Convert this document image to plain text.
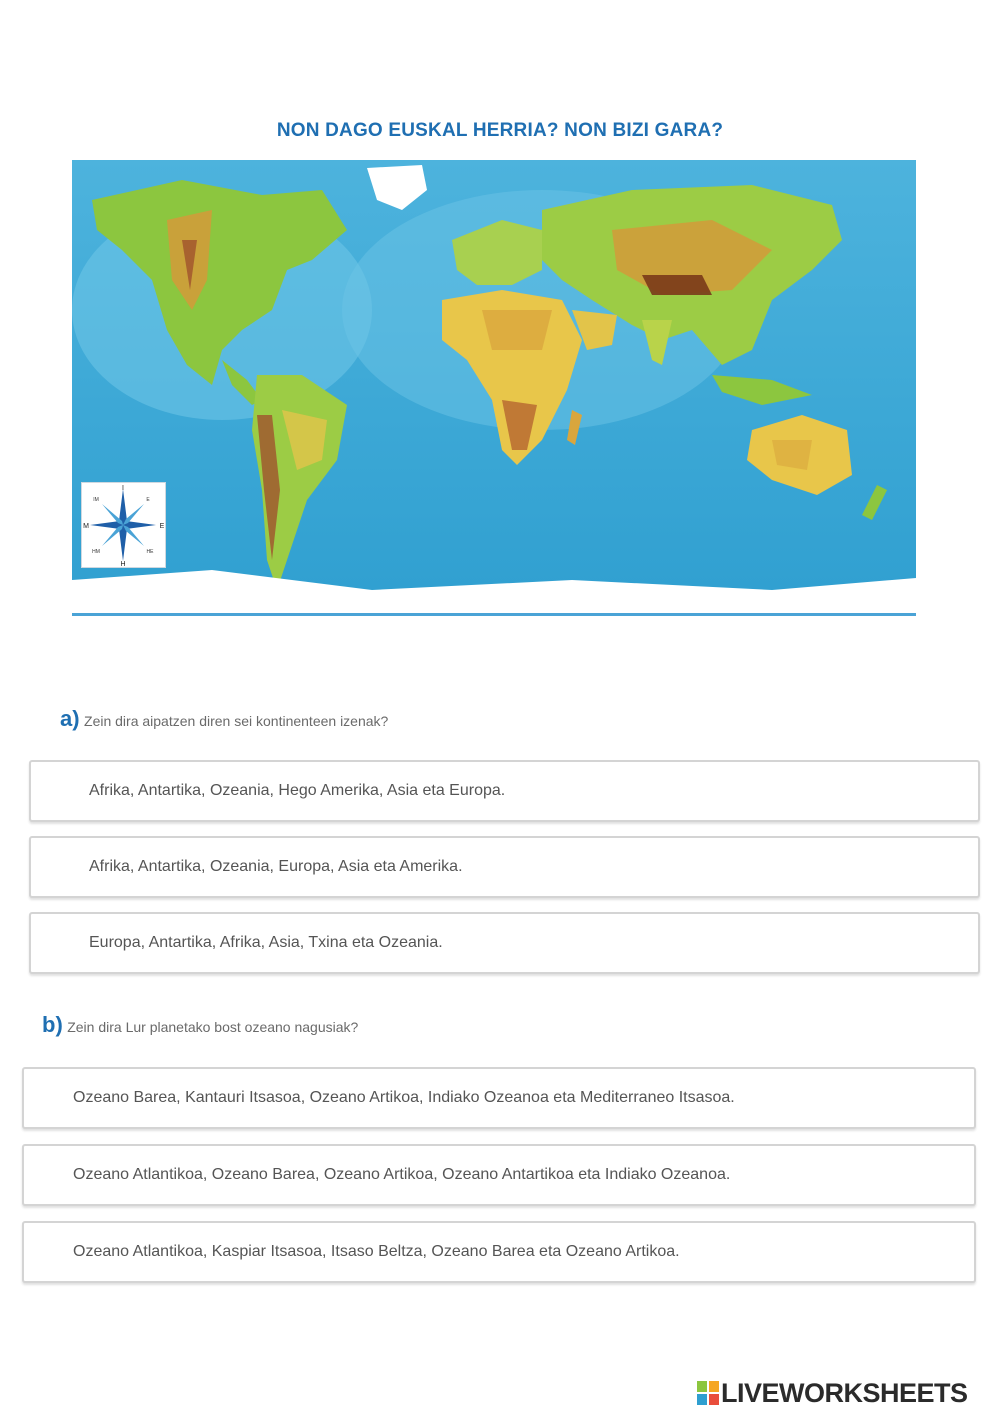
NON DAGO EUSKAL HERRIA? NON BIZI GARA?
I
H
M	E
IM	E
HM	HE
a) Zein dira aipatzen diren sei kontinenteen izenak?
Afrika, Antartika, Ozeania, Hego Amerika, Asia eta Europa.
Afrika, Antartika, Ozeania, Europa, Asia eta Amerika.
Europa, Antartika, Afrika, Asia, Txina eta Ozeania.
b) Zein dira Lur planetako bost ozeano nagusiak?
Ozeano Barea, Kantauri Itsasoa, Ozeano Artikoa, Indiako Ozeanoa eta Mediterraneo Itsasoa.
Ozeano Atlantikoa, Ozeano Barea, Ozeano Artikoa, Ozeano Antartikoa eta Indiako Ozeanoa.
Ozeano Atlantikoa, Kaspiar Itsasoa, Itsaso Beltza, Ozeano Barea eta Ozeano Artikoa.
LIVEWORKSHEETS
